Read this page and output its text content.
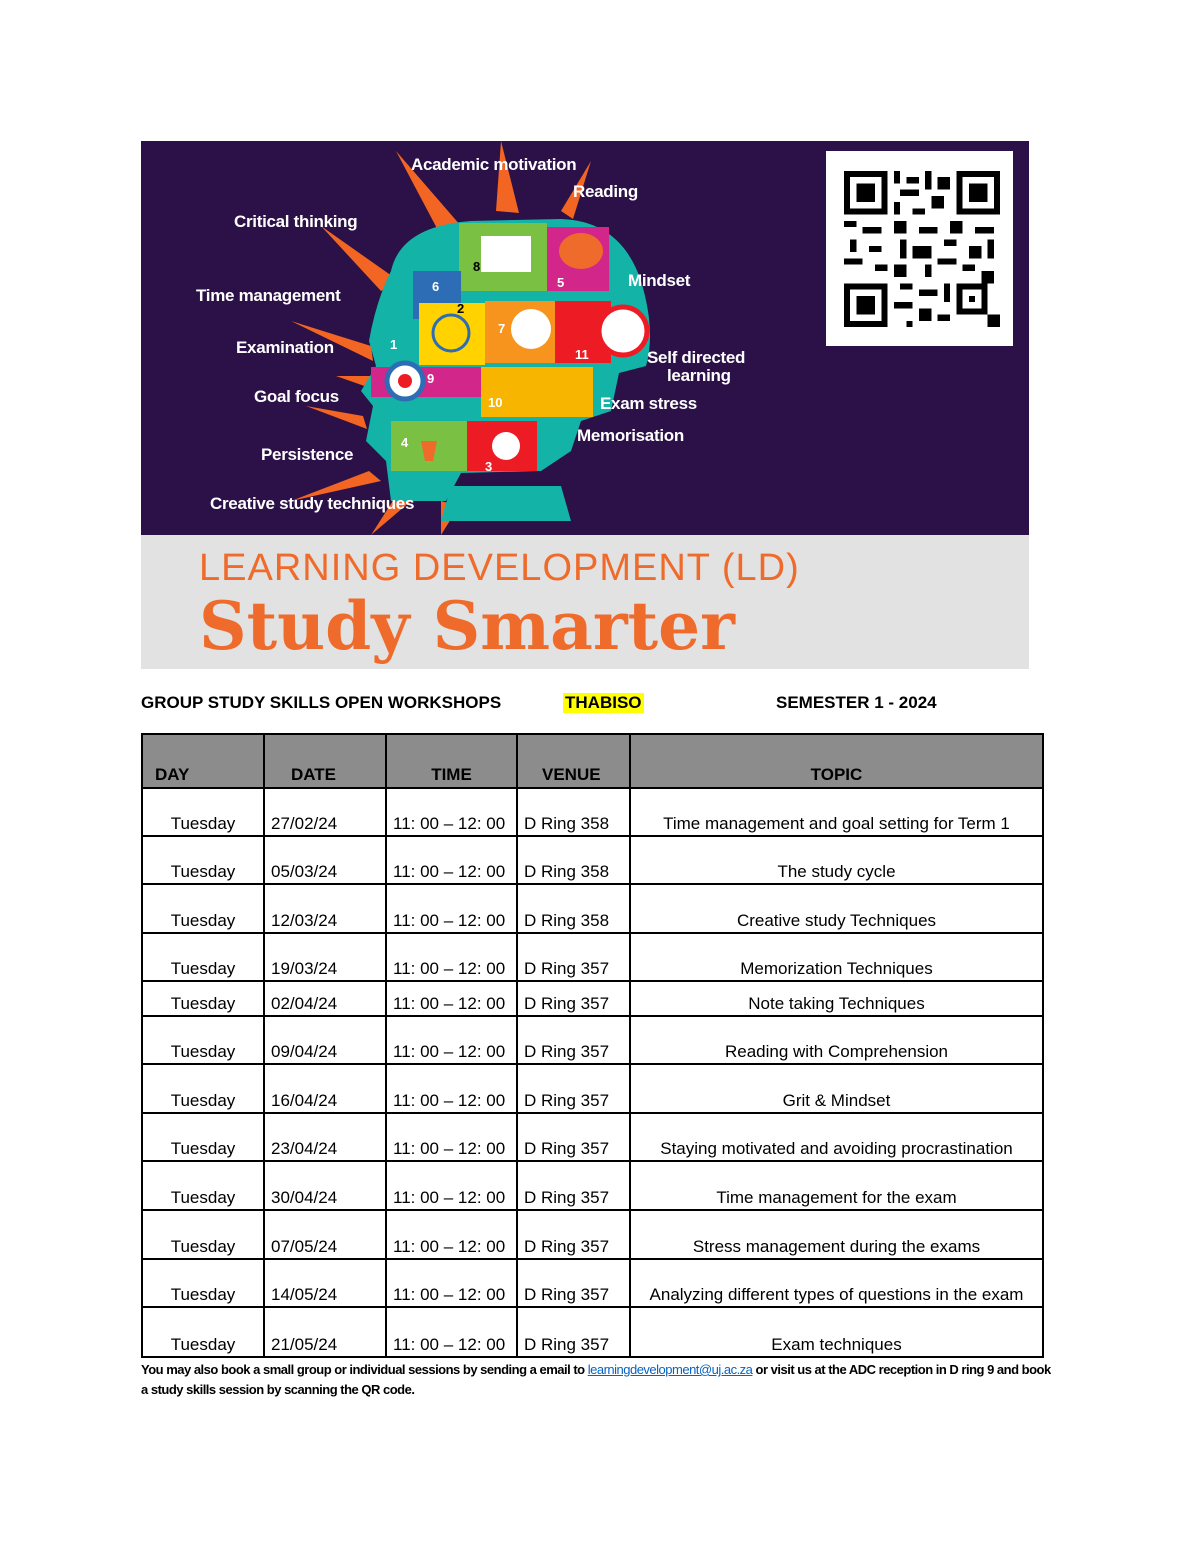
1
2
3
4
5
6
7
8
9
10
11
Academic motivation
Reading
Critical thinking
Mindset
Time management
Examination
Self directed
learning
Goal focus	Exam stress
Memorisation
Persistence
Creative study techniques
LEARNING DEVELOPMENT (LD)
Study Smarter
GROUP STUDY SKILLS OPEN WORKSHOPS	THABISO	SEMESTER 1 - 2024
DAY	DATE	TIME	VENUE	TOPIC
Tuesday	27/02/24	11: 00 – 12: 00	D Ring 358	Time management and goal setting for Term 1
Tuesday	05/03/24	11: 00 – 12: 00	D Ring 358	The study cycle
Tuesday	12/03/24	11: 00 – 12: 00	D Ring 358	Creative study Techniques
Tuesday	19/03/24	11: 00 – 12: 00	D Ring 357	Memorization Techniques
Tuesday	02/04/24	11: 00 – 12: 00	D Ring 357	Note taking Techniques
Tuesday	09/04/24	11: 00 – 12: 00	D Ring 357	Reading with Comprehension
Tuesday	16/04/24	11: 00 – 12: 00	D Ring 357	Grit & Mindset
Tuesday	23/04/24	11: 00 – 12: 00	D Ring 357	Staying motivated and avoiding procrastination
Tuesday	30/04/24	11: 00 – 12: 00	D Ring 357	Time management for the exam
Tuesday	07/05/24	11: 00 – 12: 00	D Ring 357	Stress management during the exams
Tuesday	14/05/24	11: 00 – 12: 00	D Ring 357	Analyzing different types of questions in the exam
Tuesday	21/05/24	11: 00 – 12: 00	D Ring 357	Exam techniques
You may also book a small group or individual sessions by sending a email to learningdevelopment@uj.ac.za or visit us at the ADC reception in D ring 9 and book a study skills session by scanning the QR code.
